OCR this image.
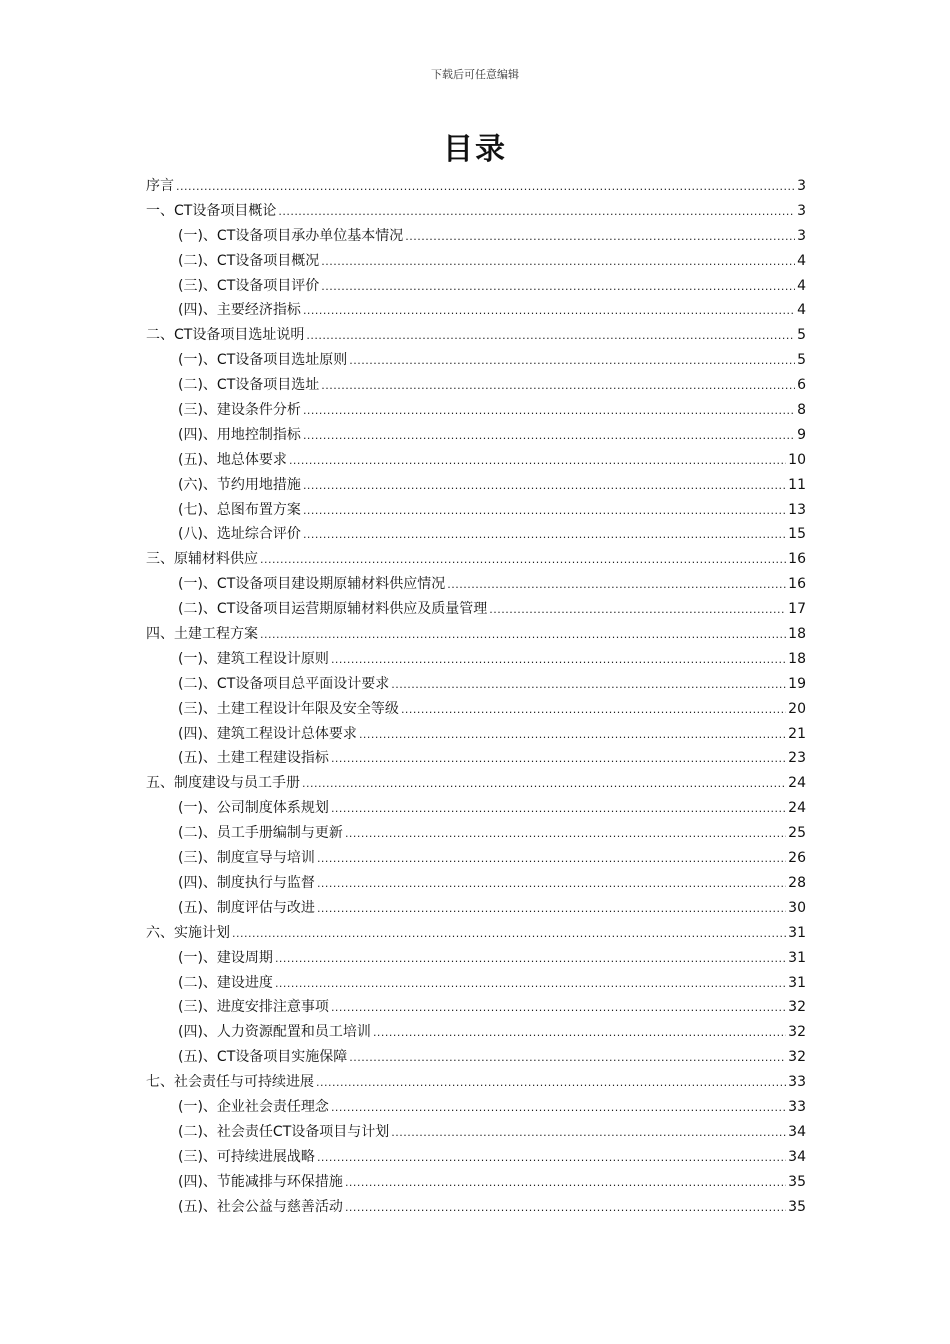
下载后可任意编辑
目录
序言 .....	3
一、CT设备项目概论 .....	3
(一)、CT设备项目承办单位基本情况 .....	3
(二)、CT设备项目概况 .....	4
(三)、CT设备项目评价 .....	4
(四)、主要经济指标 .....	4
二、CT设备项目选址说明 .....	5
(一)、CT设备项目选址原则 .....	5
(二)、CT设备项目选址 .....	6
(三)、建设条件分析 .....	8
(四)、用地控制指标 .....	9
(五)、地总体要求 .....	10
(六)、节约用地措施 .....	11
(七)、总图布置方案 .....	13
(八)、选址综合评价 .....	15
三、原辅材料供应 .....	16
(一)、CT设备项目建设期原辅材料供应情况 .....	16
(二)、CT设备项目运营期原辅材料供应及质量管理 .....	17
四、土建工程方案 .....	18
(一)、建筑工程设计原则 .....	18
(二)、CT设备项目总平面设计要求 .....	19
(三)、土建工程设计年限及安全等级 .....	20
(四)、建筑工程设计总体要求 .....	21
(五)、土建工程建设指标 .....	23
五、制度建设与员工手册 .....	24
(一)、公司制度体系规划 .....	24
(二)、员工手册编制与更新 .....	25
(三)、制度宣导与培训 .....	26
(四)、制度执行与监督 .....	28
(五)、制度评估与改进 .....	30
六、实施计划 .....	31
(一)、建设周期 .....	31
(二)、建设进度 .....	31
(三)、进度安排注意事项 .....	32
(四)、人力资源配置和员工培训 .....	32
(五)、CT设备项目实施保障 .....	32
七、社会责任与可持续进展 .....	33
(一)、企业社会责任理念 .....	33
(二)、社会责任CT设备项目与计划 .....	34
(三)、可持续进展战略 .....	34
(四)、节能减排与环保措施 .....	35
(五)、社会公益与慈善活动 .....	35
